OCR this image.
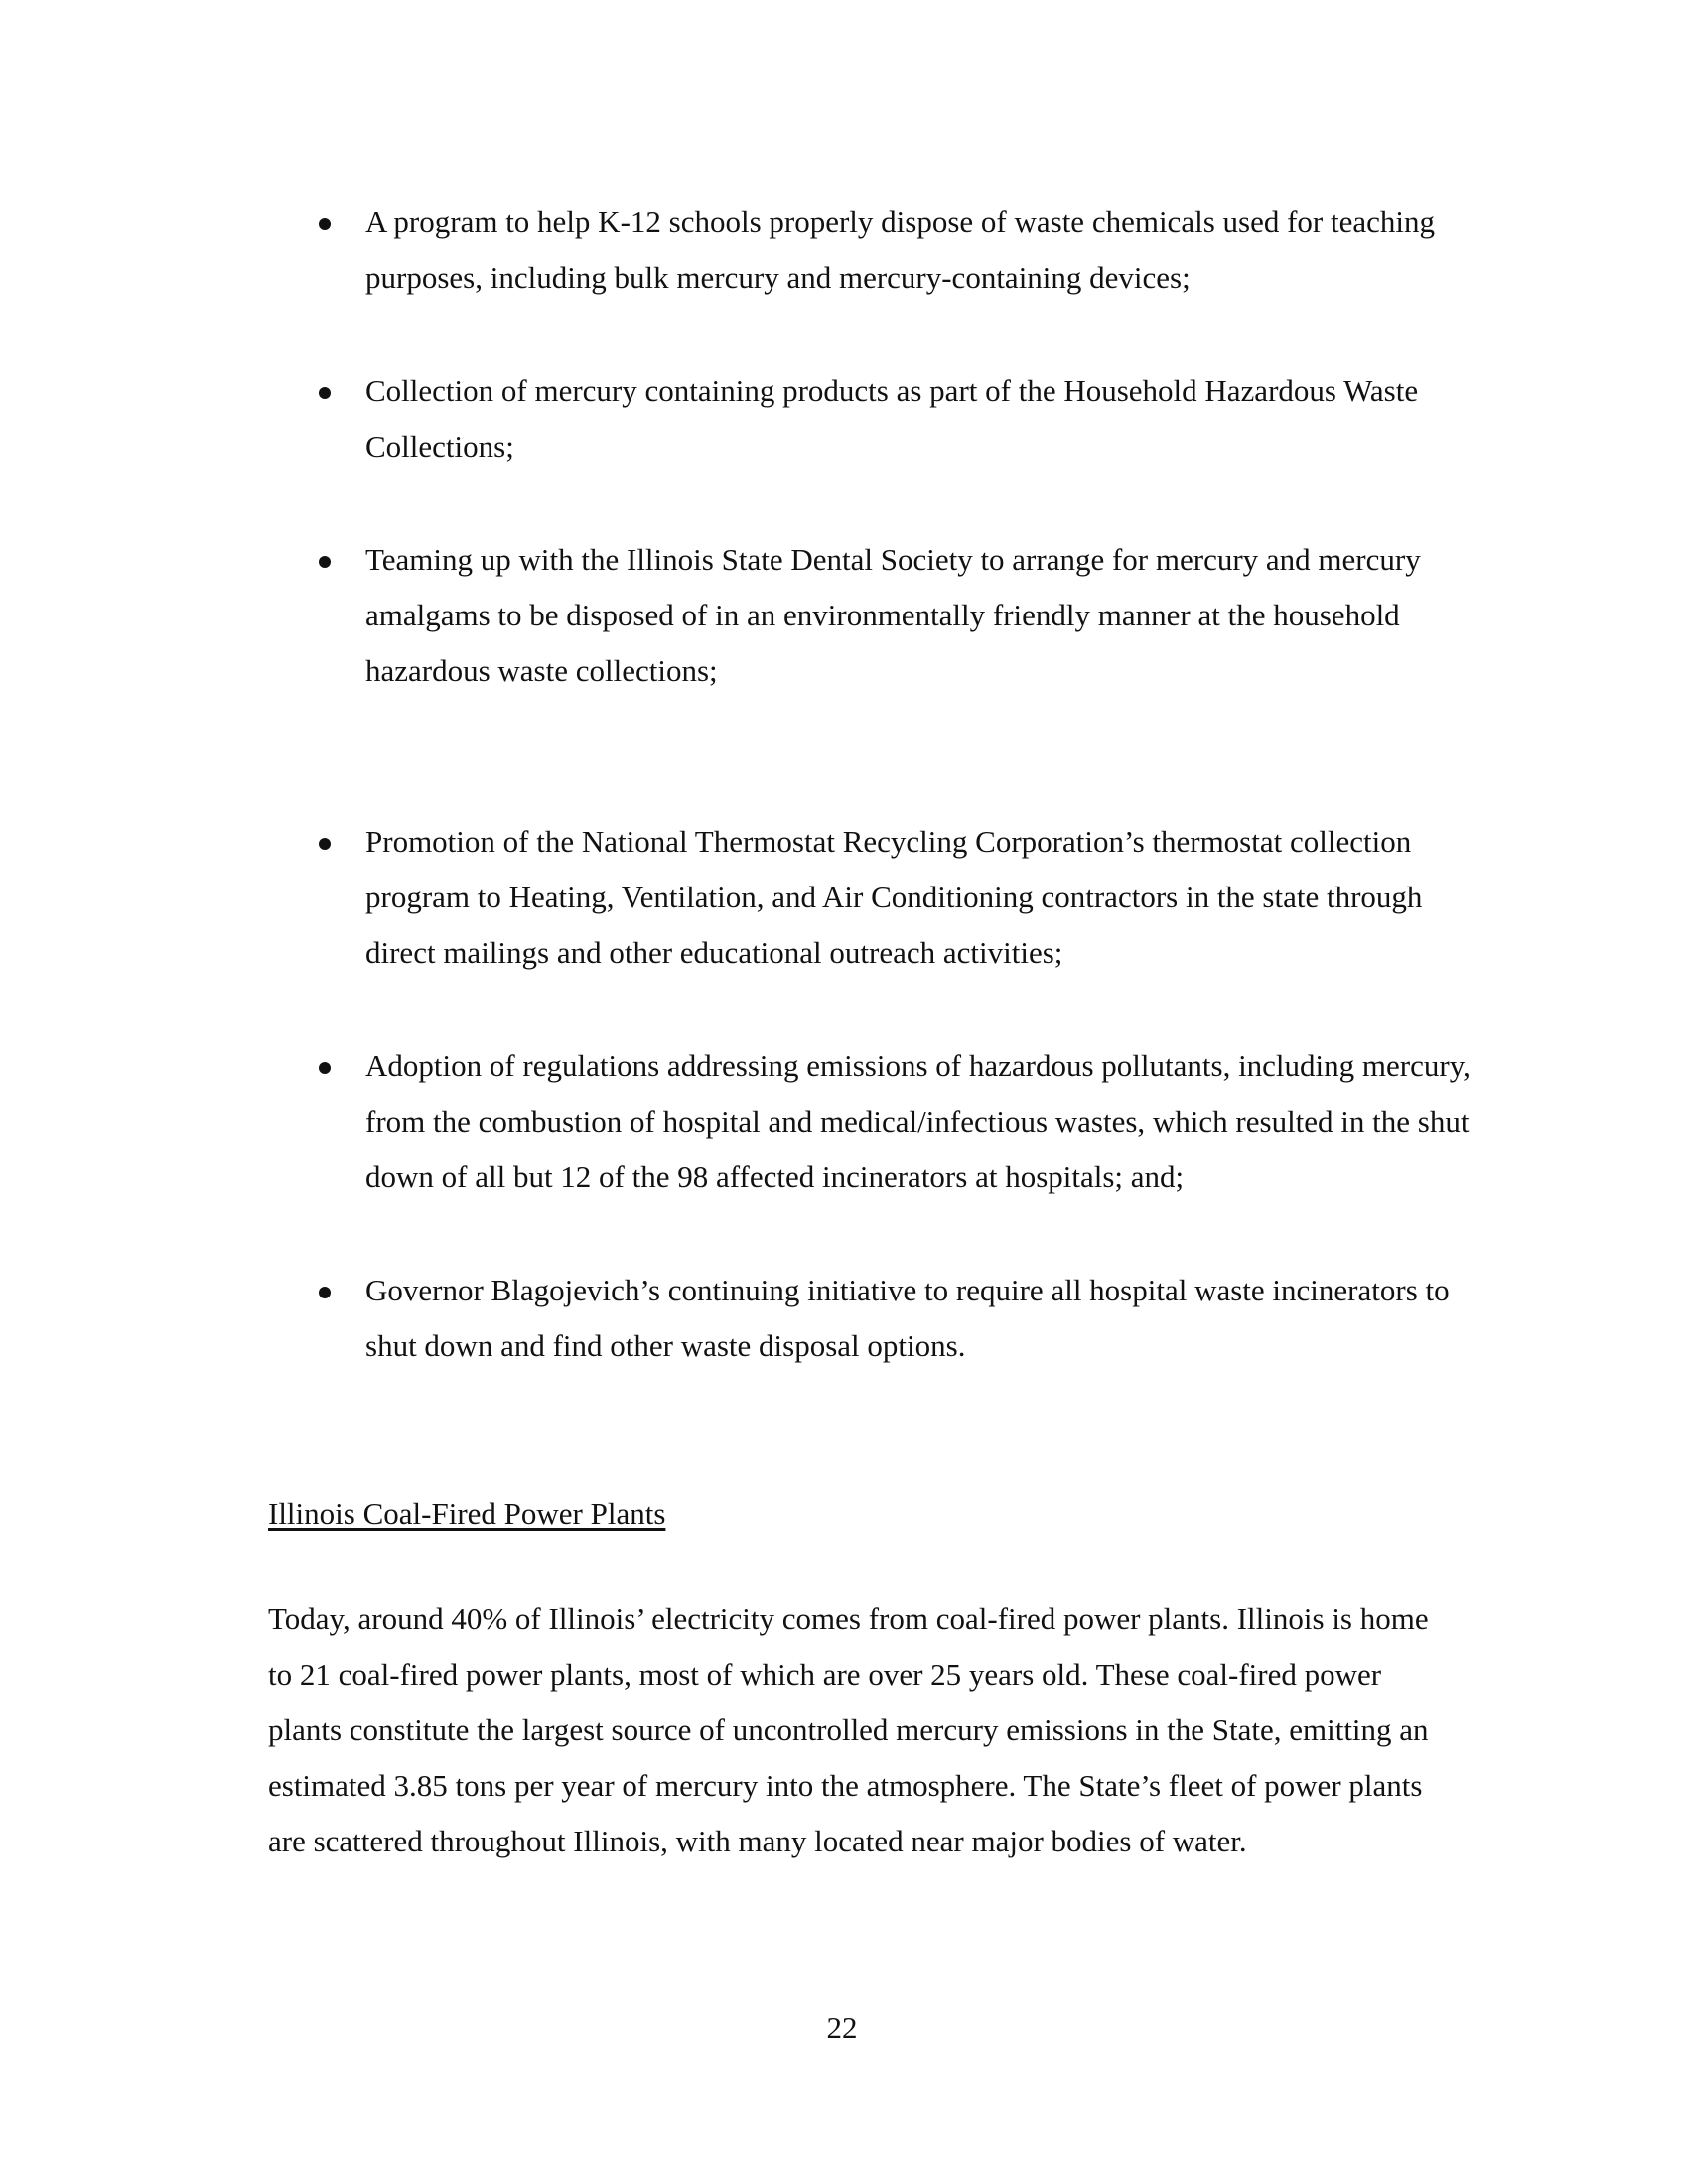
A program to help K-12 schools properly dispose of waste chemicals used for teaching purposes, including bulk mercury and mercury-containing devices;
Collection of mercury containing products as part of the Household Hazardous Waste Collections;
Teaming up with the Illinois State Dental Society to arrange for mercury and mercury amalgams to be disposed of in an environmentally friendly manner at the household hazardous waste collections;
Promotion of the National Thermostat Recycling Corporation’s thermostat collection program to Heating, Ventilation, and Air Conditioning contractors in the state through direct mailings and other educational outreach activities;
Adoption of regulations addressing emissions of hazardous pollutants, including mercury, from the combustion of hospital and medical/infectious wastes, which resulted in the shut down of all but 12 of the 98 affected incinerators at hospitals; and;
Governor Blagojevich’s continuing initiative to require all hospital waste incinerators to shut down and find other waste disposal options.
Illinois Coal-Fired Power Plants

Today, around 40% of Illinois’ electricity comes from coal-fired power plants. Illinois is home to 21 coal-fired power plants, most of which are over 25 years old. These coal-fired power plants constitute the largest source of uncontrolled mercury emissions in the State, emitting an estimated 3.85 tons per year of mercury into the atmosphere. The State’s fleet of power plants are scattered throughout Illinois, with many located near major bodies of water.

22
